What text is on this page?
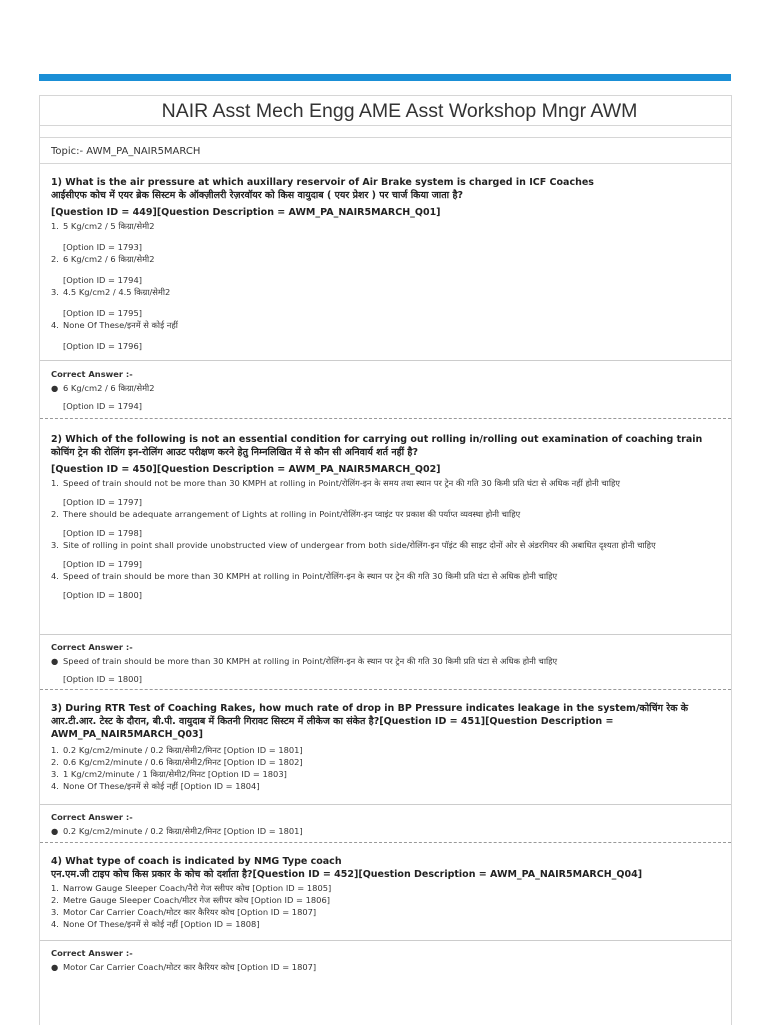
NAIR Asst Mech Engg AME Asst Workshop Mngr AWM
Topic:- AWM_PA_NAIR5MARCH
1) What is the air pressure at which auxillary reservoir of Air Brake system is charged in ICF Coaches
आईसीएफ कोच में एयर ब्रेक सिस्टम के ऑक्ज़ीलरी रेज़रवॉयर को किस वायुदाब ( एयर प्रेशर ) पर चार्ज किया जाता है?
[Question ID = 449][Question Description = AWM_PA_NAIR5MARCH_Q01]
1. 5 Kg/cm2 / 5 किग्रा/सेमी2
[Option ID = 1793]
2. 6 Kg/cm2 / 6 किग्रा/सेमी2
[Option ID = 1794]
3. 4.5 Kg/cm2 / 4.5 किग्रा/सेमी2
[Option ID = 1795]
4. None Of These/इनमें से कोई नहीं
[Option ID = 1796]
Correct Answer :-
● 6 Kg/cm2 / 6 किग्रा/सेमी2
[Option ID = 1794]
2) Which of the following is not an essential condition for carrying out rolling in/rolling out examination of coaching train
कोचिंग ट्रेन की रोलिंग इन-रोलिंग आउट परीक्षण करने हेतु निम्नलिखित में से कौन सी अनिवार्य शर्त नहीं है?
[Question ID = 450][Question Description = AWM_PA_NAIR5MARCH_Q02]
1. Speed of train should not be more than 30 KMPH at rolling in Point/रोलिंग-इन के समय तथा स्थान पर ट्रेन की गति 30 किमी प्रति घंटा से अधिक नहीं होनी चाहिए
[Option ID = 1797]
2. There should be adequate arrangement of Lights at rolling in Point/रोलिंग-इन प्वाइंट पर प्रकाश की पर्याप्त व्यवस्था होनी चाहिए
[Option ID = 1798]
3. Site of rolling in point shall provide unobstructed view of undergear from both side/रोलिंग-इन पॉइंट की साइट दोनों ओर से अंडरगियर की अबाधित दृश्यता होनी चाहिए
[Option ID = 1799]
4. Speed of train should be more than 30 KMPH at rolling in Point/रोलिंग-इन के स्थान पर ट्रेन की गति 30 किमी प्रति घंटा से अधिक होनी चाहिए
[Option ID = 1800]
Correct Answer :-
● Speed of train should be more than 30 KMPH at rolling in Point/रोलिंग-इन के स्थान पर ट्रेन की गति 30 किमी प्रति घंटा से अधिक होनी चाहिए
[Option ID = 1800]
3) During RTR Test of Coaching Rakes, how much rate of drop in BP Pressure indicates leakage in the system/कोचिंग रेक के आर.टी.आर. टेस्ट के दौरान, बी.पी. वायुदाब में कितनी गिरावट सिस्टम में लीकेज का संकेत है?[Question ID = 451][Question Description = AWM_PA_NAIR5MARCH_Q03]
1. 0.2 Kg/cm2/minute / 0.2 किग्रा/सेमी2/मिनट [Option ID = 1801]
2. 0.6 Kg/cm2/minute / 0.6 किग्रा/सेमी2/मिनट [Option ID = 1802]
3. 1 Kg/cm2/minute / 1 किग्रा/सेमी2/मिनट [Option ID = 1803]
4. None Of These/इनमें से कोई नहीं [Option ID = 1804]
Correct Answer :-
● 0.2 Kg/cm2/minute / 0.2 किग्रा/सेमी2/मिनट [Option ID = 1801]
4) What type of coach is indicated by NMG Type coach
एन.एम.जी टाइप कोच किस प्रकार के कोच को दर्शाता है?[Question ID = 452][Question Description = AWM_PA_NAIR5MARCH_Q04]
1. Narrow Gauge Sleeper Coach/नैरो गेज स्लीपर कोच [Option ID = 1805]
2. Metre Gauge Sleeper Coach/मीटर गेज स्लीपर कोच [Option ID = 1806]
3. Motor Car Carrier Coach/मोटर कार कैरियर कोच [Option ID = 1807]
4. None Of These/इनमें से कोई नहीं [Option ID = 1808]
Correct Answer :-
● Motor Car Carrier Coach/मोटर कार कैरियर कोच [Option ID = 1807]
